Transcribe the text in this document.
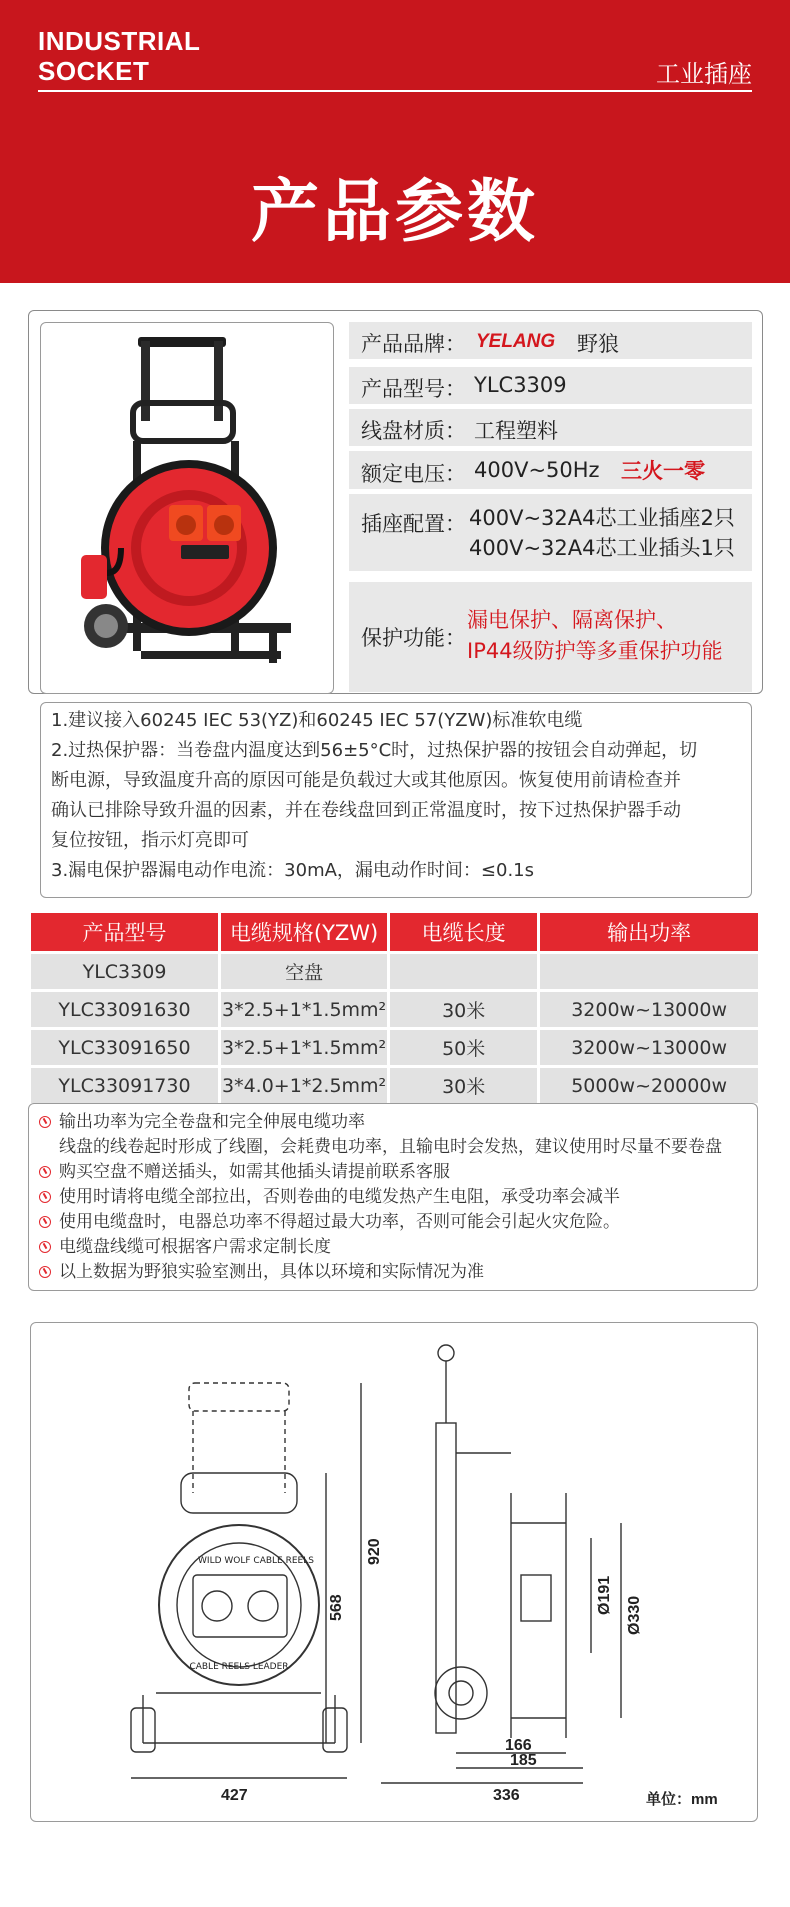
INDUSTRIAL
SOCKET	工业插座
产品参数
产品品牌： YELANG 野狼
产品型号： YLC3309
线盘材质： 工程塑料
额定电压： 400V~50Hz 三火一零
插座配置： 400V~32A4芯工业插座2只
400V~32A4芯工业插头1只
保护功能：
漏电保护、隔离保护、
IP44级防护等多重保护功能

1.建议接入60245 IEC 53(YZ)和60245 IEC 57(YZW)标准软电缆

2.过热保护器：当卷盘内温度达到56±5°C时，过热保护器的按钮会自动弹起，切

断电源，导致温度升高的原因可能是负载过大或其他原因。恢复使用前请检查并

确认已排除导致升温的因素，并在卷线盘回到正常温度时，按下过热保护器手动

复位按钮，指示灯亮即可

3.漏电保护器漏电动作电流：30mA，漏电动作时间：≤0.1s

产品型号	电缆规格(YZW)	电缆长度	输出功率
YLC3309	空盘		
YLC33091630	3*2.5+1*1.5mm²	30米	3200w~13000w
YLC33091650	3*2.5+1*1.5mm²	50米	3200w~13000w
YLC33091730	3*4.0+1*2.5mm²	30米	5000w~20000w
输出功率为完全卷盘和完全伸展电缆功率
线盘的线卷起时形成了线圈，会耗费电功率，且输电时会发热，建议使用时尽量不要卷盘
购买空盘不赠送插头，如需其他插头请提前联系客服
使用时请将电缆全部拉出，否则卷曲的电缆发热产生电阻，承受功率会减半
使用电缆盘时，电器总功率不得超过最大功率，否则可能会引起火灾危险。
电缆盘线缆可根据客户需求定制长度
以上数据为野狼实验室测出，具体以环境和实际情况为准
WILD WOLF CABLE REELS
CABLE REELS LEADER
920
568
427
Ø191
Ø330
166
185
336	单位：mm
